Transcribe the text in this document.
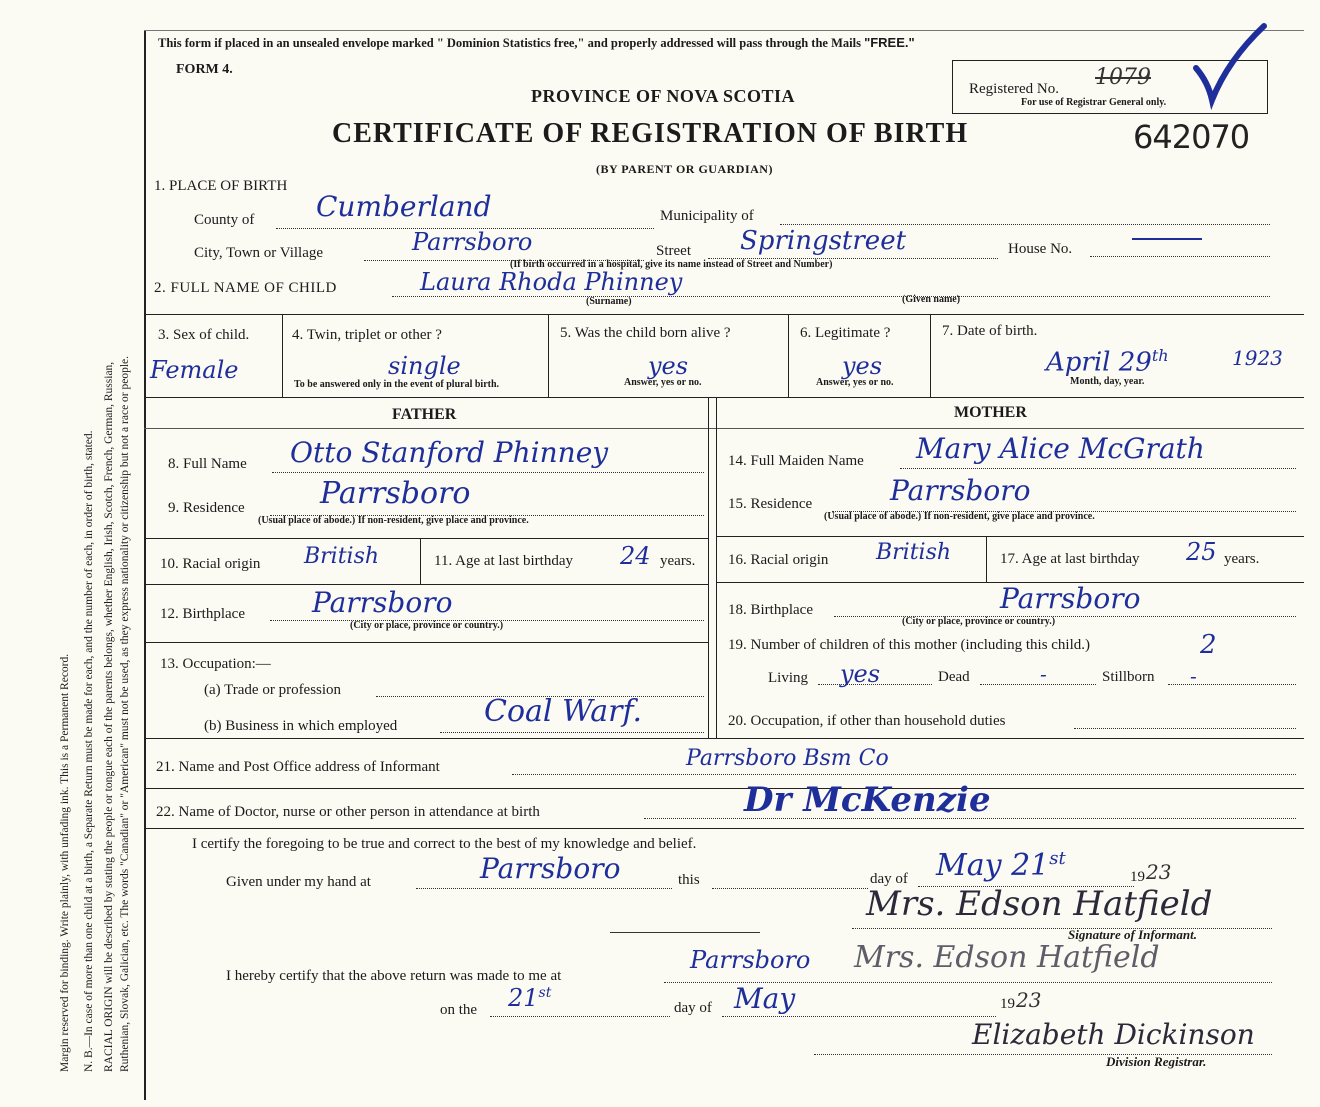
Margin reserved for binding. Write plainly, with unfading ink. This is a Permanent Record. N. B.—In case of more than one child at a birth, a Separate Return must be made for each, and the number of each, in order of birth, stated. RACIAL ORIGIN will be described by stating the people or tongue each of the parents belongs, whether English, Irish, Scotch, French, German, Russian, Ruthenian, Slovak, Galician, etc. The words "Canadian" or "American" must not be used, as they express nationality or citizenship but not a race or people.
This form if placed in an unsealed envelope marked " Dominion Statistics free," and properly addressed will pass through the Mails "FREE."
FORM 4.
PROVINCE OF NOVA SCOTIA
CERTIFICATE OF REGISTRATION OF BIRTH
(BY PARENT OR GUARDIAN)
Registered No. 1079
For use of Registrar General only.
642070
1. PLACE OF BIRTH
County of Cumberland	Municipality of
City, Town or Village	Parrsboro	Street Springstreet	House No.
(If birth occurred in a hospital, give its name instead of Street and Number)
2. FULL NAME OF CHILD	Laura Rhoda Phinney
(Surname)	(Given name)
3. Sex of child.
Female
4. Twin, triplet or other ?
single
To be answered only in the event of plural birth.
5. Was the child born alive ?
yes
Answer, yes or no.
6. Legitimate ?
yes
Answer, yes or no.
7. Date of birth.
April 29th	1923
Month, day, year.
FATHER	MOTHER
8. Full Name Otto Stanford Phinney
9. Residence	Parrsboro
(Usual place of abode.) If non-resident, give place and province.
10. Racial origin British	11. Age at last birthday 24 years.
12. Birthplace Parrsboro
(City or place, province or country.)
13. Occupation:—
(a) Trade or profession
(b) Business in which employed	Coal Warf.
14. Full Maiden Name Mary Alice McGrath
15. Residence	Parrsboro
(Usual place of abode.) If non-resident, give place and province.
16. Racial origin British	17. Age at last birthday 25 years.
18. Birthplace	Parrsboro
(City or place, province or country.)
19. Number of children of this mother (including this child.)	2
Living yes	Dead	-	Stillborn -
20. Occupation, if other than household duties
21. Name and Post Office address of Informant	Parrsboro Bsm Co
22. Name of Doctor, nurse or other person in attendance at birth	Dr McKenzie
I certify the foregoing to be true and correct to the best of my knowledge and belief.
Given under my hand at	Parrsboro	this	day of May 21st
19 23
Mrs. Edson Hatfield
Signature of Informant.
I hereby certify that the above return was made to me at
Parrsboro Mrs. Edson Hatfield
on the 21st
day of May	19 23
Elizabeth Dickinson
Division Registrar.
